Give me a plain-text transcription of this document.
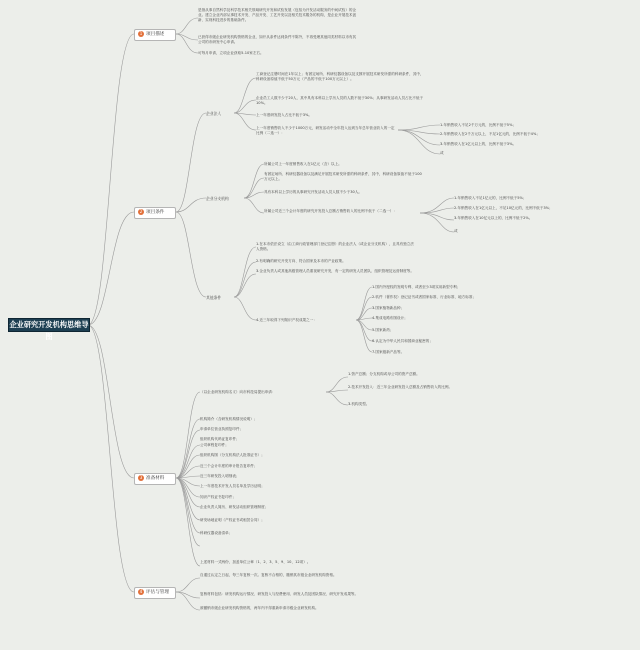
企业研究开发机构思维导图
1 项目描述
2 项目条件
3 准备材料
4 评估与管理
是指从事自然科学及科学技术相关领域研究开发和试验发展（包括为开发活动服务的中间试验）的企业。建立企业内部从事技术开发、产品开发、工艺开发以及相关技术服务的机构，是企业开展技术创新、实现科技进步的基础条件。
已获得市级企业研发机构资格的企业，如开从条件达到条件不陈外，不再受理其他同类材料以市有其公司的市研发中心申请。
可每月申请，立项企业获取5-10家左右。
企业法人
企业分支机构
其他条件
工商登记注册时间在1年以上；有固定场所、科研仪器设备以及支撑开展技术研发所需的科研条件，其中，科研设备原值不低于50万元（产品的不低于100万元以上）。
企业员工人数不少于20人，其中具有本科以上学历人员的人数不低于30%；从事研发活动人员占比不低于10%。
上一年度研发投入占比不低于3%。
上一年度销售收入不少于1000万元，研发活动中全年投入达到当年总年营业收入的一定比例（二选一）：
1.年销售收入不足2千万元的，比例不低于5%；
2.年销售收入在2千万元以上，不足1亿元的，比例不低于4%；
3.年销售收入在1亿元以上的，比例不低于3%。
或
所属公司上一年度销售收入在1亿元（含）以上。
有固定场所、科研仪器设备以及满足开展技术研发所需的科研条件，其中，科研设备原值不低于100万元以上。
具有本科以上学历的从事研究开发活动人员人数不少于30人。
所属公司近三个会计年度的研究开发投入总额占销售收入的比例不低于（二选一）：
1.年销售收入不足1亿元的，比例不低于5%；
2.年销售收入在1亿元以上，不足10亿元的，比例不低于3%；
3.年销售收入在10亿元以上的，比例不低于2%。
或
1.在本市依法设立（由工商行政管理部门登记注册）的企业法人（或企业分支机构），且具有独立法人资格。
2.有明确的研究开发方向、符合国家及本市的产业政策。
3.企业负责人或其他高级管理人员重视研究开发，有一定的研发人员团队、组织管理及运营制度等。
4.近三年取得下列知识产权成果之一：
1.国内外授权的发明专利、或者至少3项实用新型专利；
2.软件（著作权）登记证书或者国家标准、行业标准、地方标准；
3.国家植物新品种；
4.集成电路布图设计；
5.国家新药；
6.认定为中华人民共和国商业秘密的；
7.国家级新产品等。
（以企业研发机构名义）向市科技局提出申请：
1.资产总额；分支机构或母公司的资产总额。
2.技术开发投入：近三年企业研发投入总额及占销售收入的比例。
3.机构类型。
机构简介（含研发机构情况说明）；
申请单位营业执照复印件；
组织机构代码证复印件；
公司章程复印件；
组织机构图（分支机构法人批准证书）；
近三个会计年度的审计报告复印件；
近三年研发投入明细表；
上一年度技术开发人员名单及学历证明；
知识产权证书复印件；
企业负责人简历、研发活动组织管理制度；
研发场地证明（产权证书或租赁合同）；
科研仪器设备清单；
上述材料一式两份，加盖单位公章（1、2、3、5、9、10、12项）。
自通过认定之日起，每三年复核一次。复核不合格的，撤销其市级企业研发机构资格。
复核材料包括：研发机构运行情况、研发投入与经费使用、研发人员及团队情况、研究开发成果等。
被撤销市级企业研发机构资格的，两年内不得重新申请市级企业研发机构。
